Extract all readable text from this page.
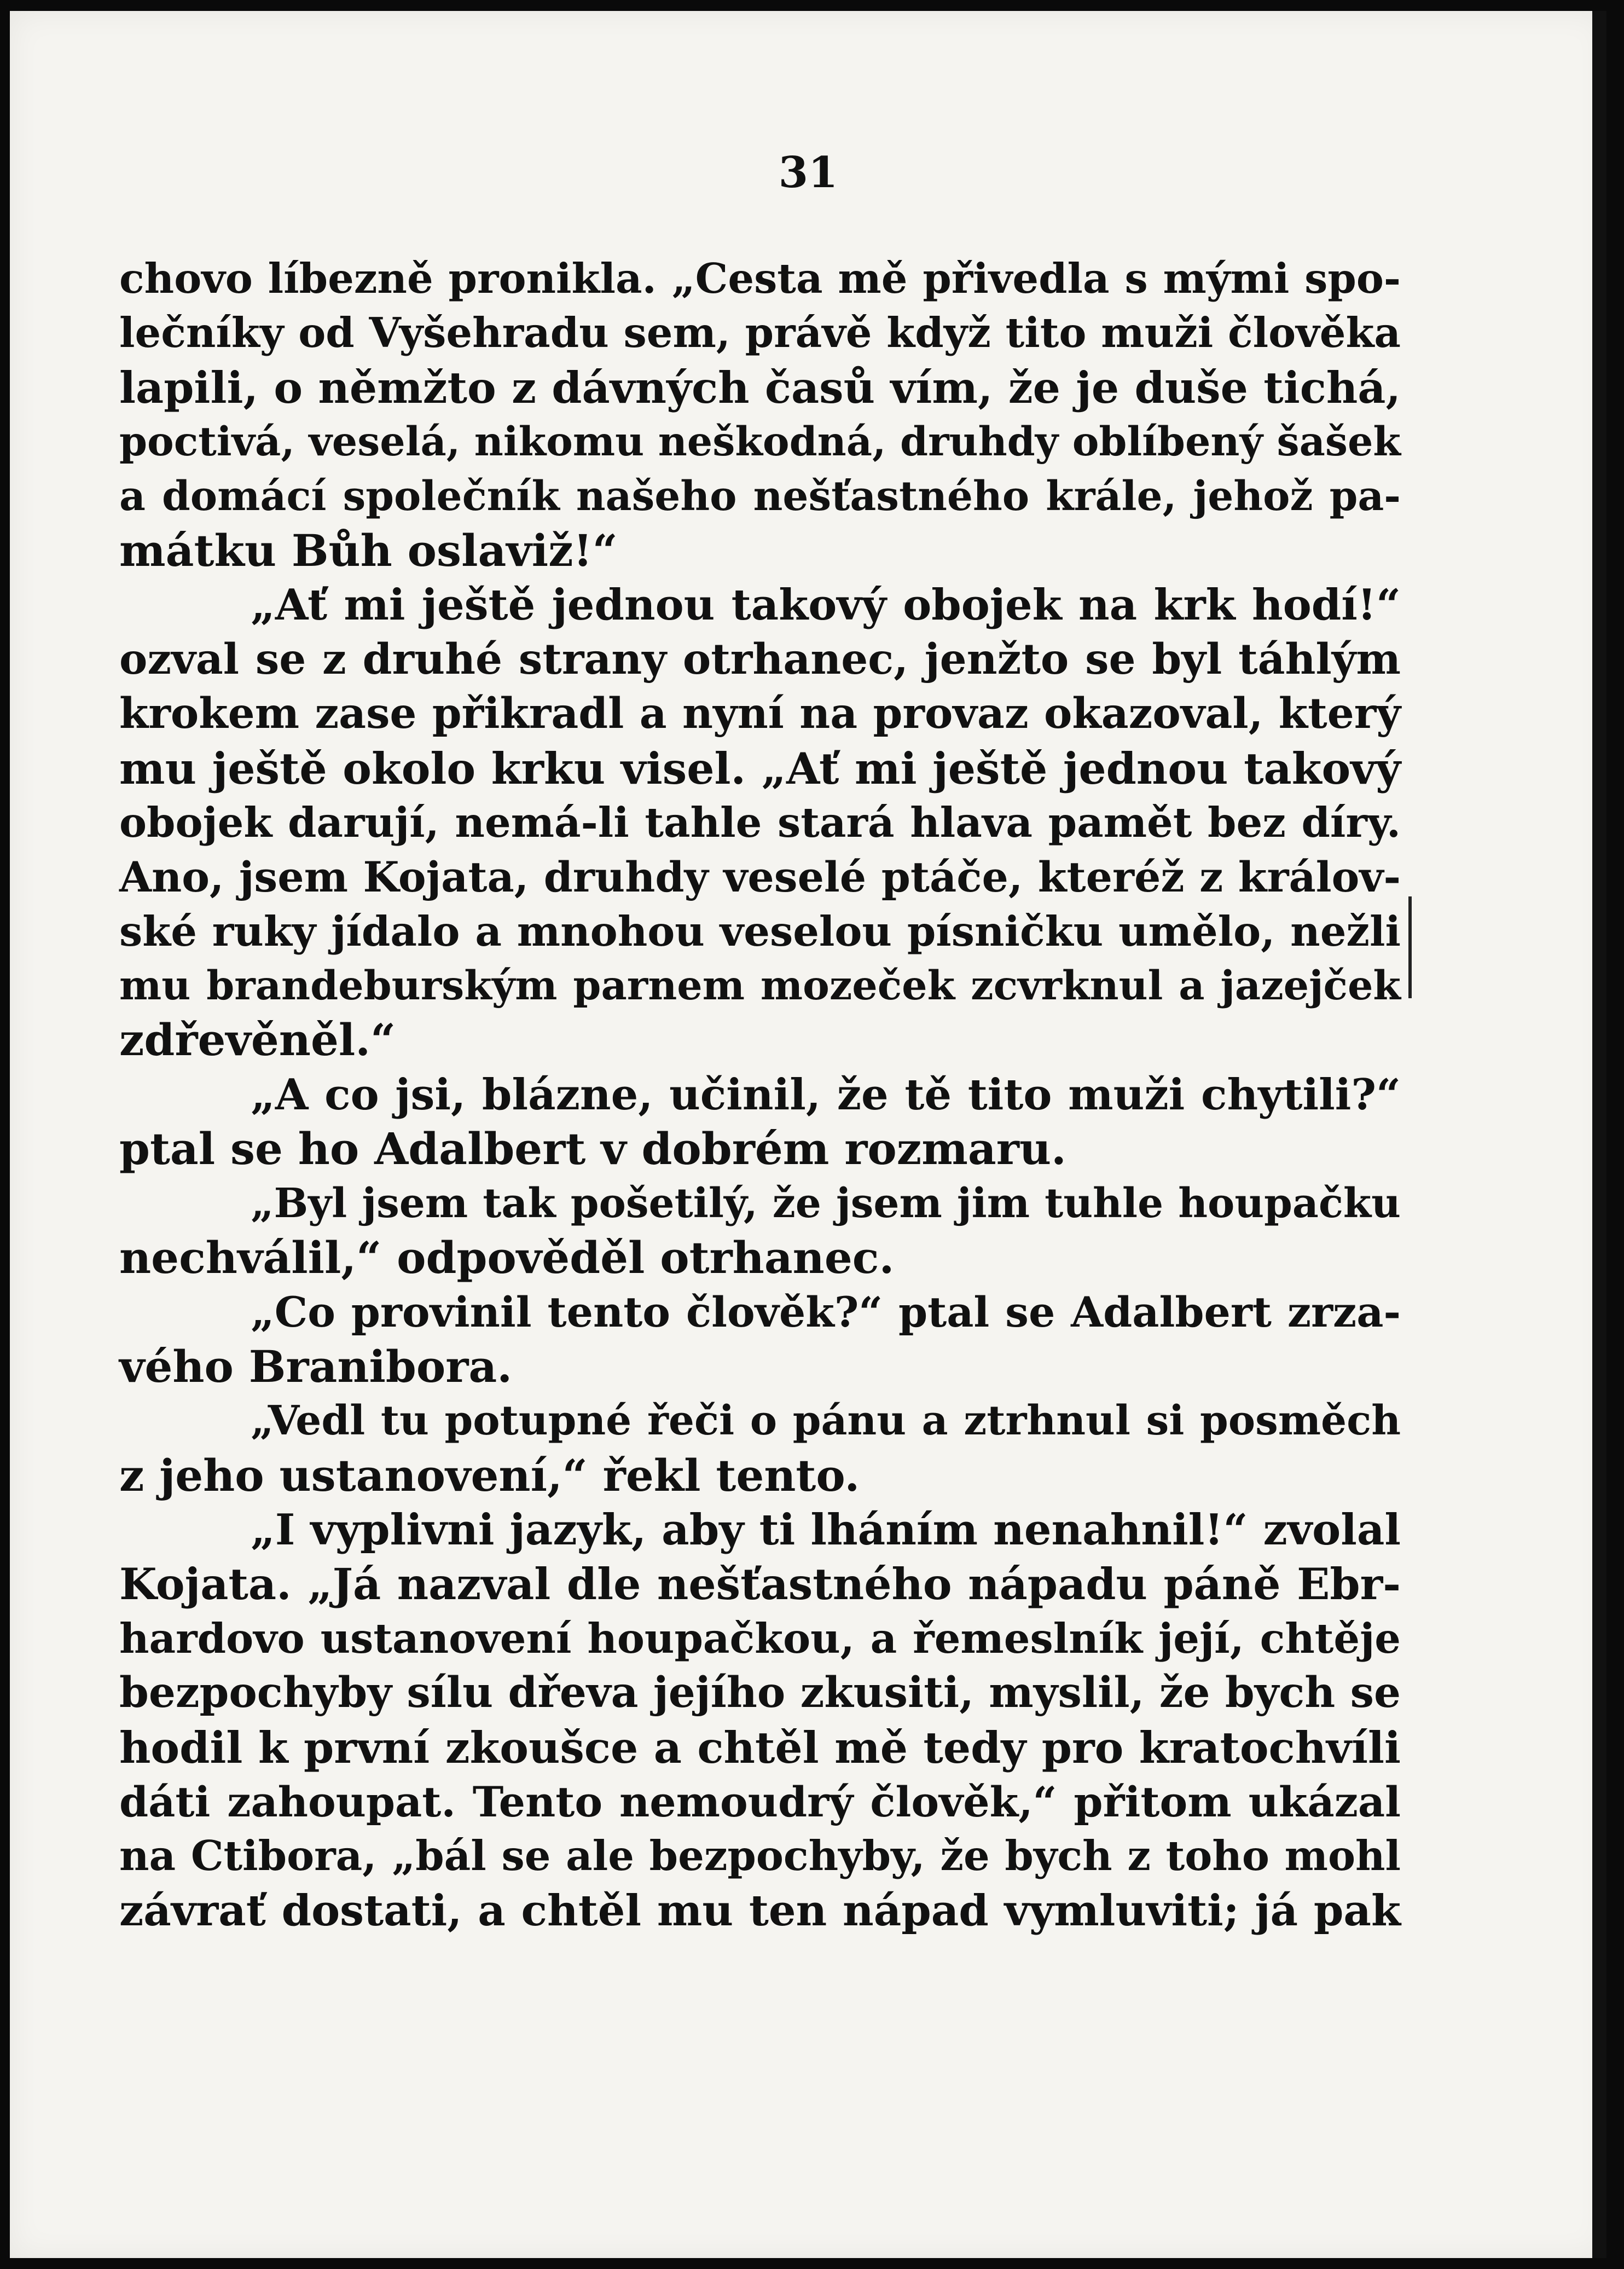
31
chovo líbezně pronikla. „Cesta mě přivedla s mými spo-
lečníky od Vyšehradu sem, právě když tito muži člověka
lapili, o němžto z dávných časů vím, že je duše tichá,
poctivá, veselá, nikomu neškodná, druhdy oblíbený šašek
a domácí společník našeho nešťastného krále, jehož pa-
mátku Bůh oslaviž!“
„Ať mi ještě jednou takový obojek na krk hodí!“
ozval se z druhé strany otrhanec, jenžto se byl táhlým
krokem zase přikradl a nyní na provaz okazoval, který
mu ještě okolo krku visel. „Ať mi ještě jednou takový
obojek darují, nemá-li tahle stará hlava pamět bez díry.
Ano, jsem Kojata, druhdy veselé ptáče, kteréž z králov-
ské ruky jídalo a mnohou veselou písničku umělo, nežli
mu brandeburským parnem mozeček zcvrknul a jazejček
zdřevěněl.“
„A co jsi, blázne, učinil, že tě tito muži chytili?“
ptal se ho Adalbert v dobrém rozmaru.
„Byl jsem tak pošetilý, že jsem jim tuhle houpačku
nechválil,“ odpověděl otrhanec.
„Co provinil tento člověk?“ ptal se Adalbert zrza-
vého Branibora.
„Vedl tu potupné řeči o pánu a ztrhnul si posměch
z jeho ustanovení,“ řekl tento.
„I vyplivni jazyk, aby ti lháním nenahnil!“ zvolal
Kojata. „Já nazval dle nešťastného nápadu páně Ebr-
hardovo ustanovení houpačkou, a řemeslník její, chtěje
bezpochyby sílu dřeva jejího zkusiti, myslil, že bych se
hodil k první zkoušce a chtěl mě tedy pro kratochvíli
dáti zahoupat. Tento nemoudrý člověk,“ přitom ukázal
na Ctibora, „bál se ale bezpochyby, že bych z toho mohl
závrať dostati, a chtěl mu ten nápad vymluviti; já pak
